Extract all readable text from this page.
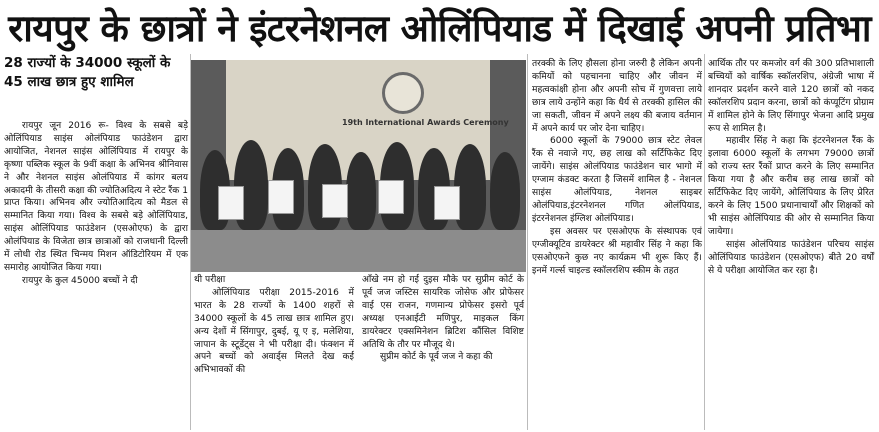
रायपुर के छात्रों ने इंटरनेशनल ओलिंपियाड में दिखाई अपनी प्रतिभा
28 राज्यों के 34000 स्कूलों के 45 लाख छात्र हुए शामिल

रायपुर जून 2016 रू- विश्व के सबसे बड़े ओलिंपियाड साइंस ओलंपियाड फाउंडेशन द्वारा आयोजित, नेशनल साइंस ओलिंपियाड में रायपुर के कृष्णा पब्लिक स्कूल के 9वीं कक्षा के अभिनव श्रीनिवास ने और नेशनल साइंस ओलंपियाड में कांगर बलय अकादमी के तीसरी कक्षा की ज्योतिअदित्य ने स्टेट रैंक 1 प्राप्त किया। अभिनव और ज्योतिआदित्य को मैडल से सम्मानित किया गया। विश्व के सबसे बड़े ओलिंपियाड, साइंस ओलिंपियाड फाउंडेशन (एसओएफ) के द्वारा ओलंपियाड के विजेता छात्र छात्राओं को राजधानी दिल्ली में लोधी रोड स्थित चिन्मय मिशन ऑडिटोरियम में एक समारोह आयोजित किया गया।

रायपुर के कुल 45000 बच्चों ने दी

19th International Awards Ceremony

थी परीक्षा

ओलिंपियाड परीक्षा 2015-2016 में भारत के 28 राज्यों के 1400 शहरों से 34000 स्कूलों के 45 लाख छात्र शामिल हुए। अन्य देशों में सिंगापुर, दुबई, यू ए इ, मलेशिया, जापान के स्टूडेंट्स ने भी परीक्षा दी। फंक्शन में अपने बच्चों को अवार्ड्स मिलते देख कई अभिभावकों की

आँखे नम हो गई दुइस मौके पर सुप्रीम कोर्ट के पूर्व जज जस्टिस सायरिक जोसेफ और प्रोफेसर वाई एस राजन, गणमान्य प्रोफेसर इसरो पूर्व अध्यक्ष एनआईटी मणिपुर, माइकल किंग डायरेक्टर एक्समिनेशन ब्रिटिश कौंसिल विशिष्ट अतिथि के तौर पर मौजूद थे।

सुप्रीम कोर्ट के पूर्व जज ने कहा की

तरक्की के लिए हौसला होना जरुरी है लेकिन अपनी कमियों को पहचानना चाहिए और जीवन में महत्वकांक्षी होना और अपनी सोच में गुणवत्ता लाये छात्र लाये उन्होंने कहा कि धैर्य से तरक्की हासिल की जा सकती, जीवन में अपने लक्ष्य की बजाय वर्तमान में अपने कार्य पर जोर देना चाहिए।

6000 स्कूलों के 79000 छात्र स्टेट लेवल रैंक से नवाजे गए, छह लाख को सर्टिफिकेट दिए जायेंगे। साइंस ओलंपियाड फाउंडेशन चार भागो में एग्जाम कंडक्ट करता है जिसमें शामिल है - नेशनल साइंस ओलंपियाड, नेशनल साइबर ओलंपियाड,इंटरनेशनल गणित ओलंपियाड, इंटरनेशनल इंग्लिश ओलंपियाड।

इस अवसर पर एसओएफ के संस्थापक एवं एग्जीक्यूटिव डायरेक्टर श्री महावीर सिंह ने कहा कि एसओएफने कुछ नए कार्यक्रम भी शुरू किए हैं। इनमें गर्ल्स चाइल्ड स्कॉलरशिप स्कीम के तहत

आर्थिक तौर पर कमजोर वर्ग की 300 प्रतिभाशाली बच्चियों को वार्षिक स्कॉलरशिप, अंग्रेजी भाषा में शानदार प्रदर्शन करने वाले 120 छात्रों को नकद स्कॉलरशिप प्रदान करना, छात्रों को कंप्यूटिंग प्रोग्राम में शामिल होने के लिए सिंगापुर भेजना आदि प्रमुख रूप से शामिल है।

महावीर सिंह ने कहा कि इंटरनेशनल रैंक के इलावा 6000 स्कूलों के लगभग 79000 छात्रों को राज्य स्तर रैंकों प्राप्त करने के लिए सम्मानित किया गया है और करीब छह लाख छात्रों को सर्टिफिकेट दिए जायेंगे, ओलिंपियाड के लिए प्रेरित करने के लिए 1500 प्रधानाचार्यों और शिक्षकों को भी साइंस ओलिंपियाड की ओर से सम्मानित किया जायेगा।

साइंस ओलंपियाड फाउंडेशन परिचय साइंस ओलिंपियाड फाउंडेशन (एसओएफ) बीते 20 वर्षों से ये परीक्षा आयोजित कर रहा है।
